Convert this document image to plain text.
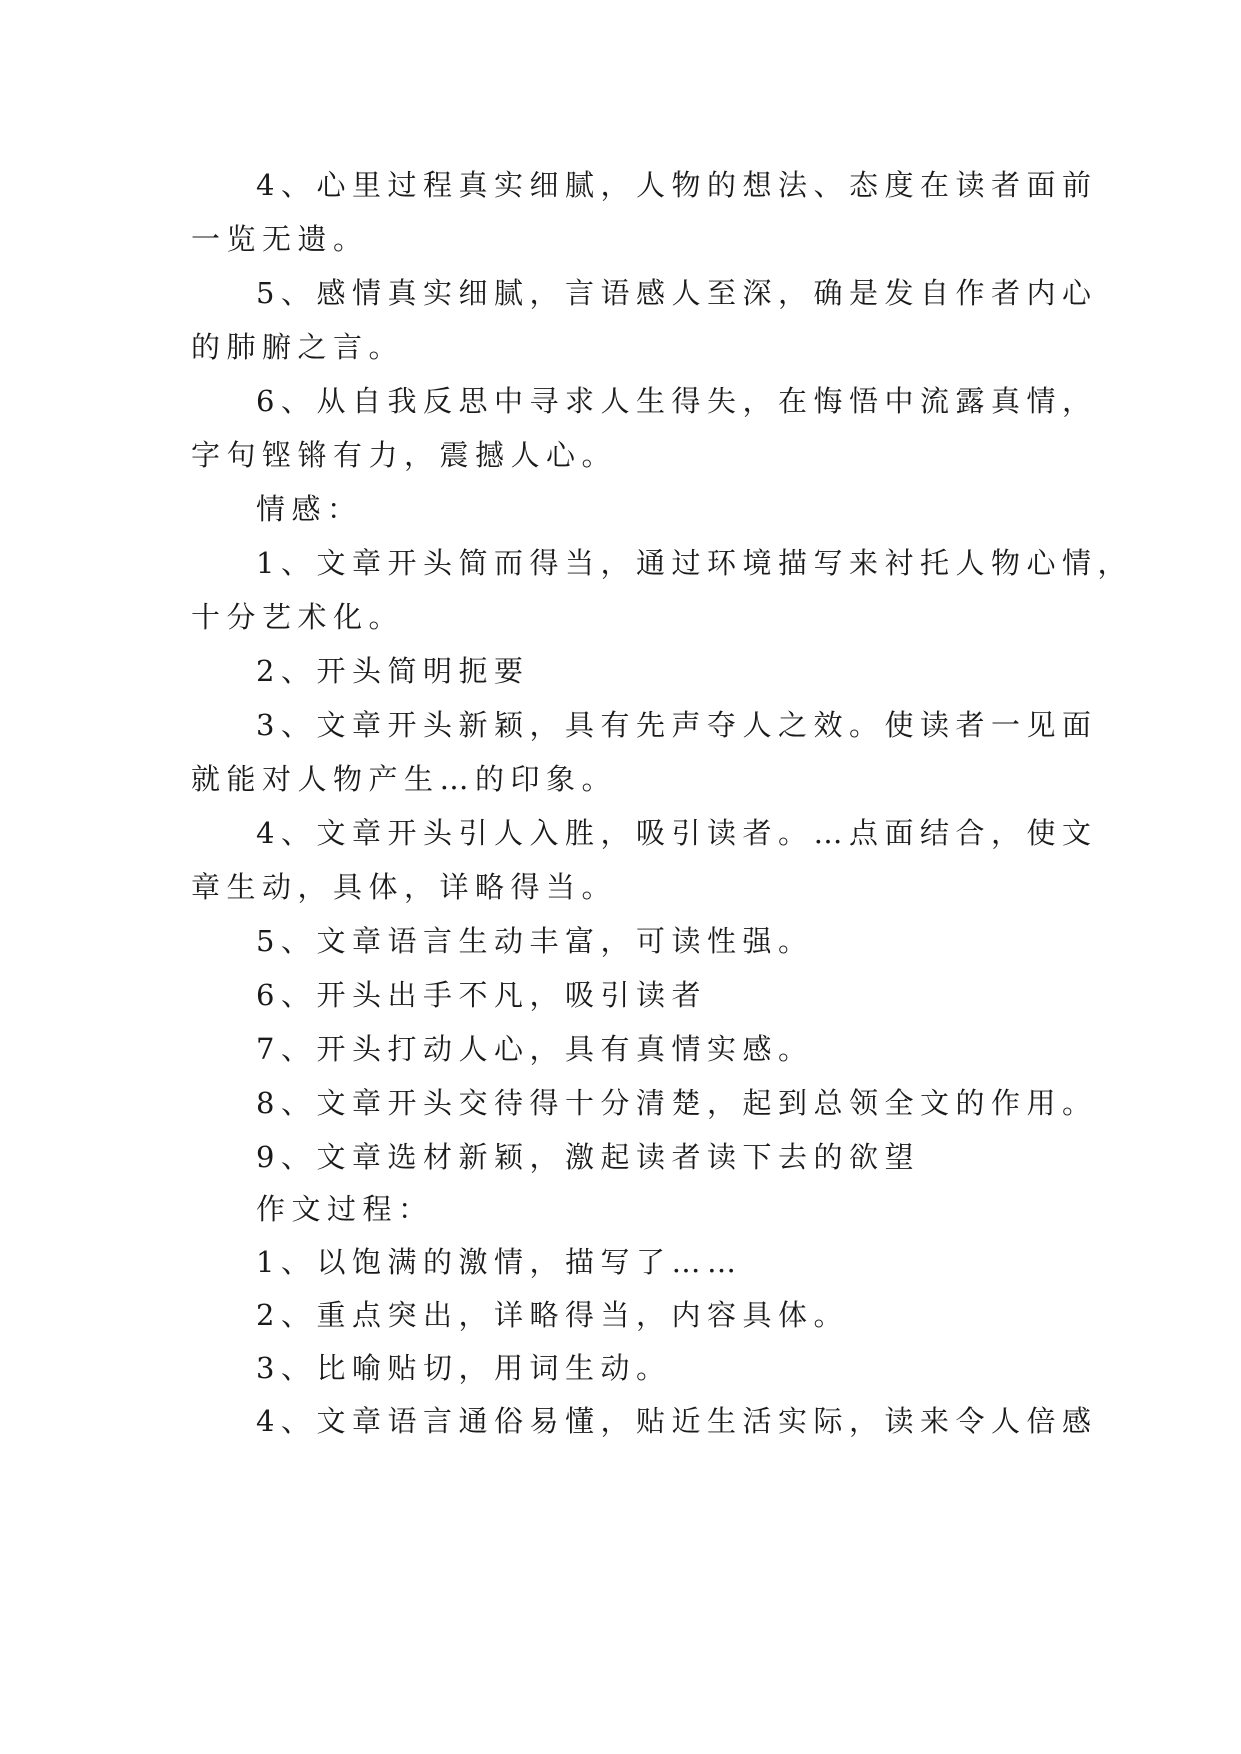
4、心里过程真实细腻，人物的想法、态度在读者面前

一览无遗。

5、感情真实细腻，言语感人至深，确是发自作者内心

的肺腑之言。

6、从自我反思中寻求人生得失，在悔悟中流露真情，

字句铿锵有力，震撼人心。

情感：

1、文章开头简而得当，通过环境描写来衬托人物心情，

十分艺术化。

2、开头简明扼要

3、文章开头新颖，具有先声夺人之效。使读者一见面

就能对人物产生…的印象。

4、文章开头引人入胜，吸引读者。…点面结合，使文

章生动，具体，详略得当。

5、文章语言生动丰富，可读性强。

6、开头出手不凡，吸引读者

7、开头打动人心，具有真情实感。

8、文章开头交待得十分清楚，起到总领全文的作用。

9、文章选材新颖，激起读者读下去的欲望

作文过程：

1、以饱满的激情，描写了……

2、重点突出，详略得当，内容具体。

3、比喻贴切，用词生动。

4、文章语言通俗易懂，贴近生活实际，读来令人倍感
